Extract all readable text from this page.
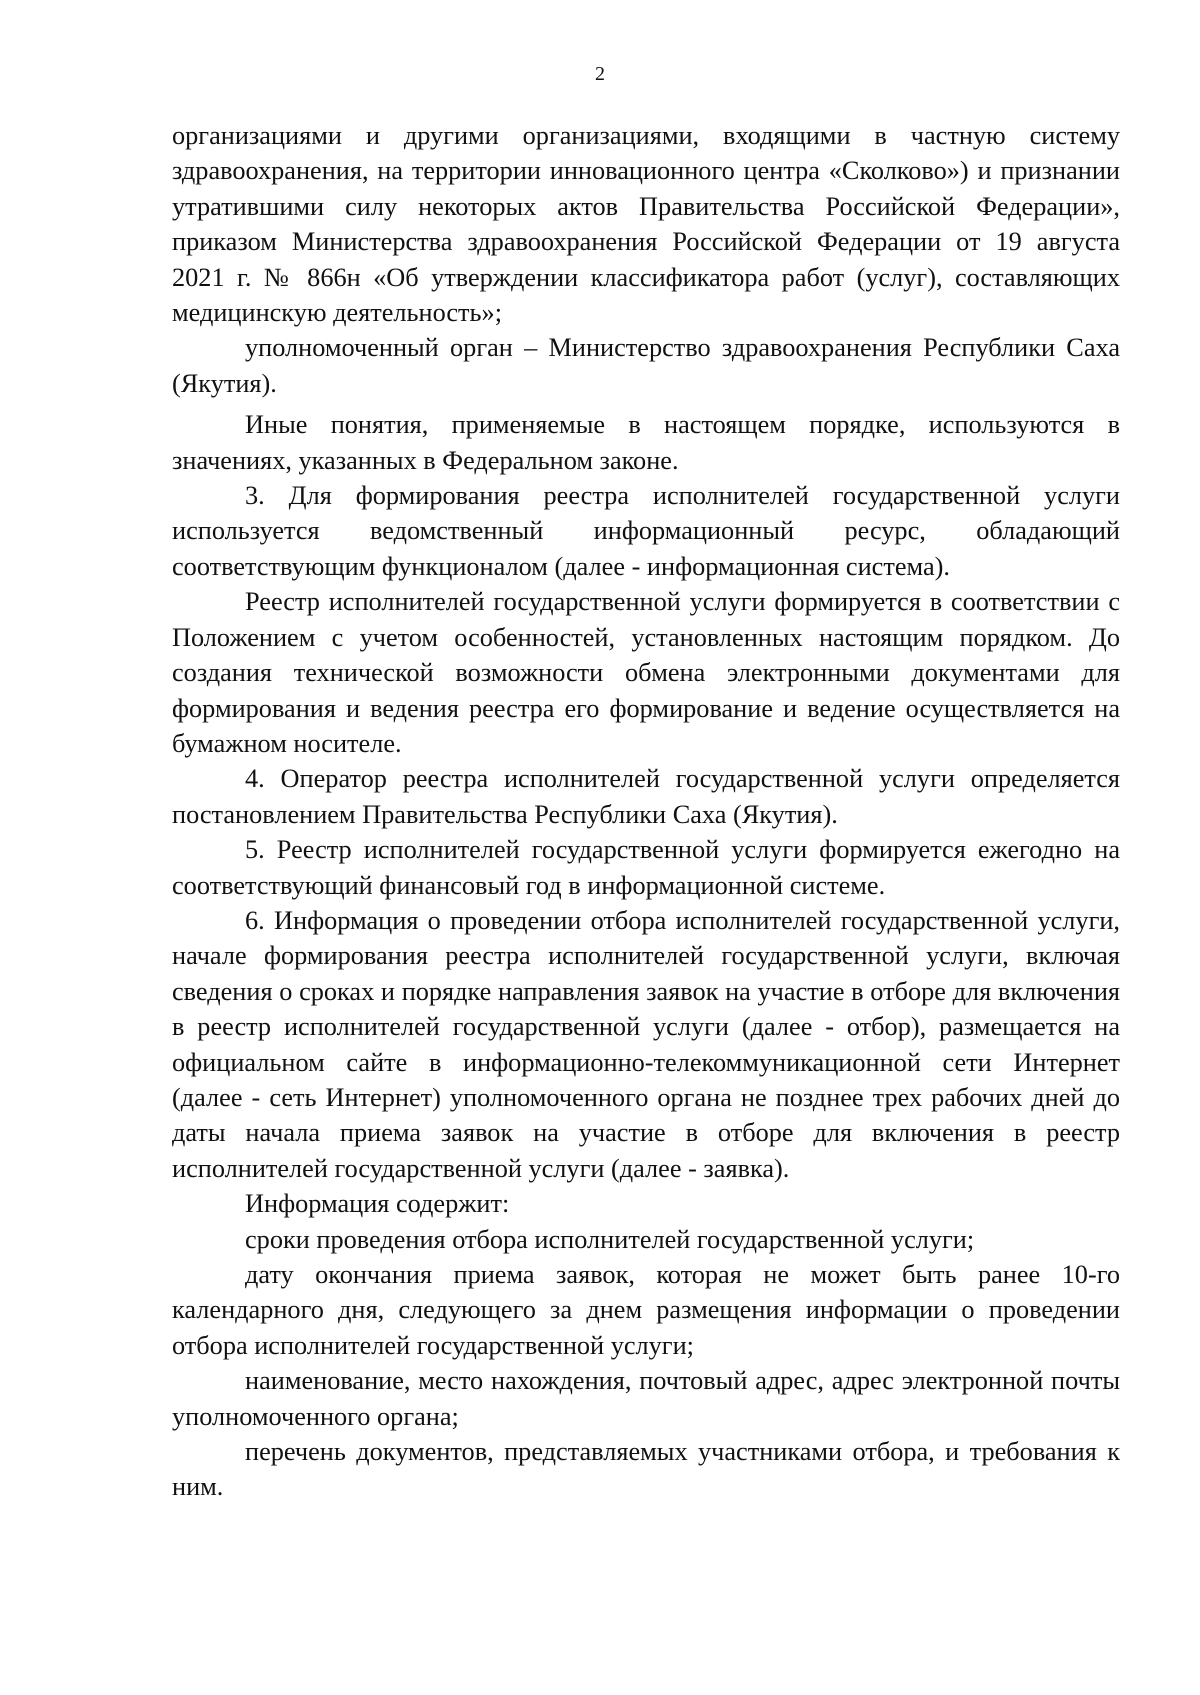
2

организациями и другими организациями, входящими в частную систему здравоохранения, на территории инновационного центра «Сколково») и признании утратившими силу некоторых актов Правительства Российской Федерации», приказом Министерства здравоохранения Российской Федерации от 19 августа 2021 г. № 866н «Об утверждении классификатора работ (услуг), составляющих медицинскую деятельность»;

уполномоченный орган – Министерство здравоохранения Республики Саха (Якутия).

Иные понятия, применяемые в настоящем порядке, используются в значениях, указанных в Федеральном законе.

3. Для формирования реестра исполнителей государственной услуги используется ведомственный информационный ресурс, обладающий соответствующим функционалом (далее - информационная система).

Реестр исполнителей государственной услуги формируется в соответствии с Положением с учетом особенностей, установленных настоящим порядком. До создания технической возможности обмена электронными документами для формирования и ведения реестра его формирование и ведение осуществляется на бумажном носителе.

4. Оператор реестра исполнителей государственной услуги определяется постановлением Правительства Республики Саха (Якутия).

5. Реестр исполнителей государственной услуги формируется ежегодно на соответствующий финансовый год в информационной системе.

6. Информация о проведении отбора исполнителей государственной услуги, начале формирования реестра исполнителей государственной услуги, включая сведения о сроках и порядке направления заявок на участие в отборе для включения в реестр исполнителей государственной услуги (далее - отбор), размещается на официальном сайте в информационно-телекоммуникационной сети Интернет (далее - сеть Интернет) уполномоченного органа не позднее трех рабочих дней до даты начала приема заявок на участие в отборе для включения в реестр исполнителей государственной услуги (далее - заявка).

Информация содержит:

сроки проведения отбора исполнителей государственной услуги;

дату окончания приема заявок, которая не может быть ранее 10-го календарного дня, следующего за днем размещения информации о проведении отбора исполнителей государственной услуги;

наименование, место нахождения, почтовый адрес, адрес электронной почты уполномоченного органа;

перечень документов, представляемых участниками отбора, и требования к ним.
